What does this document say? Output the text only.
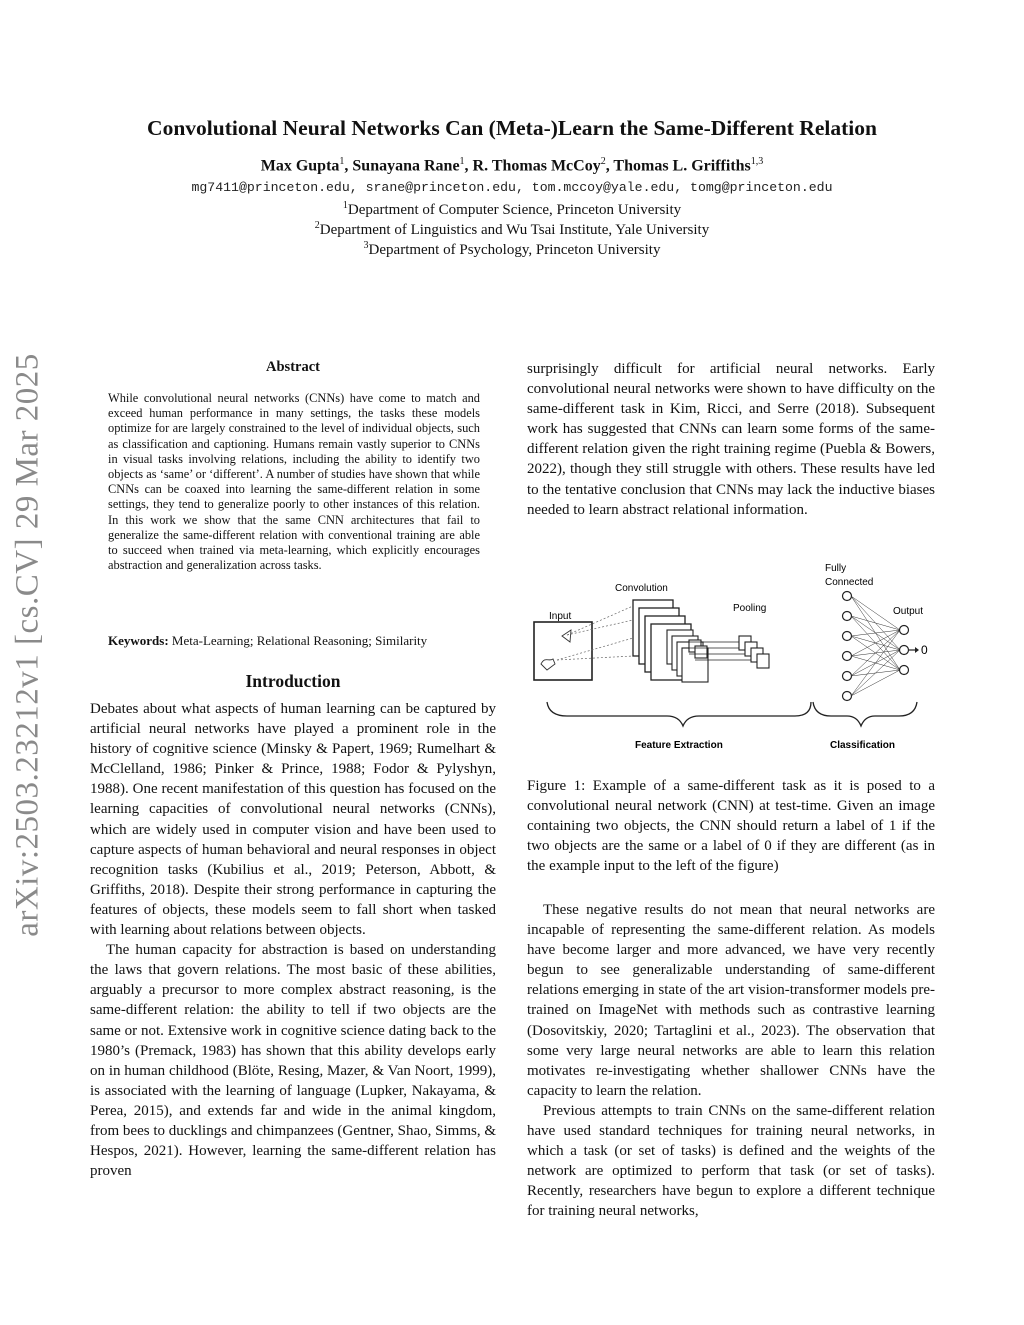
arXiv:2503.23212v1 [cs.CV] 29 Mar 2025
Convolutional Neural Networks Can (Meta-)Learn the Same-Different Relation
Max Gupta$^1$, Sunayana Rane$^1$, R. Thomas McCoy$^2$, Thomas L. Griffiths$^{1,3}$
mg7411@princeton.edu, srane@princeton.edu, tom.mccoy@yale.edu, tomg@princeton.edu
$^1$Department of Computer Science, Princeton University
$^2$Department of Linguistics and Wu Tsai Institute, Yale University
$^3$Department of Psychology, Princeton University
Abstract
While convolutional neural networks (CNNs) have come to match and exceed human performance in many settings, the tasks these models optimize for are largely constrained to the level of individual objects, such as classification and captioning. Humans remain vastly superior to CNNs in visual tasks involving relations, including the ability to identify two objects as ‘same’ or ‘different’. A number of studies have shown that while CNNs can be coaxed into learning the same-different relation in some settings, they tend to generalize poorly to other instances of this relation. In this work we show that the same CNN architectures that fail to generalize the same-different relation with conventional training are able to succeed when trained via meta-learning, which explicitly encourages abstraction and generalization across tasks.
Keywords: Meta-Learning; Relational Reasoning; Similarity
Introduction

Debates about what aspects of human learning can be captured by artificial neural networks have played a prominent role in the history of cognitive science (Minsky & Papert, 1969; Rumelhart & McClelland, 1986; Pinker & Prince, 1988; Fodor & Pylyshyn, 1988). One recent manifestation of this question has focused on the learning capacities of convolutional neural networks (CNNs), which are widely used in computer vision and have been used to capture aspects of human behavioral and neural responses in object recognition tasks (Kubilius et al., 2019; Peterson, Abbott, & Griffiths, 2018). Despite their strong performance in capturing the features of objects, these models seem to fall short when tasked with learning about relations between objects.

The human capacity for abstraction is based on understanding the laws that govern relations. The most basic of these abilities, arguably a precursor to more complex abstract reasoning, is the same-different relation: the ability to tell if two objects are the same or not. Extensive work in cognitive science dating back to the 1980’s (Premack, 1983) has shown that this ability develops early on in human childhood (Blöte, Resing, Mazer, & Van Noort, 1999), is associated with the learning of language (Lupker, Nakayama, & Perea, 2015), and extends far and wide in the animal kingdom, from bees to ducklings and chimpanzees (Gentner, Shao, Simms, & Hespos, 2021). However, learning the same-different relation has proven

surprisingly difficult for artificial neural networks. Early convolutional neural networks were shown to have difficulty on the same-different task in Kim, Ricci, and Serre (2018). Subsequent work has suggested that CNNs can learn some forms of the same-different relation given the right training regime (Puebla & Bowers, 2022), though they still struggle with others. These results have led to the tentative conclusion that CNNs may lack the inductive biases needed to learn abstract relational information.

Input
Convolution
Pooling
Fully
Connected
Output
0
Feature Extraction	Classification
Figure 1: Example of a same-different task as it is posed to a convolutional neural network (CNN) at test-time. Given an image containing two objects, the CNN should return a label of 1 if the two objects are the same or a label of 0 if they are different (as in the example input to the left of the figure)

These negative results do not mean that neural networks are incapable of representing the same-different relation. As models have become larger and more advanced, we have very recently begun to see generalizable understanding of same-different relations emerging in state of the art vision-transformer models pre-trained on ImageNet with methods such as contrastive learning (Dosovitskiy, 2020; Tartaglini et al., 2023). The observation that some very large neural networks are able to learn this relation motivates re-investigating whether shallower CNNs have the capacity to learn the relation.

Previous attempts to train CNNs on the same-different relation have used standard techniques for training neural networks, in which a task (or set of tasks) is defined and the weights of the network are optimized to perform that task (or set of tasks). Recently, researchers have begun to explore a different technique for training neural networks,
